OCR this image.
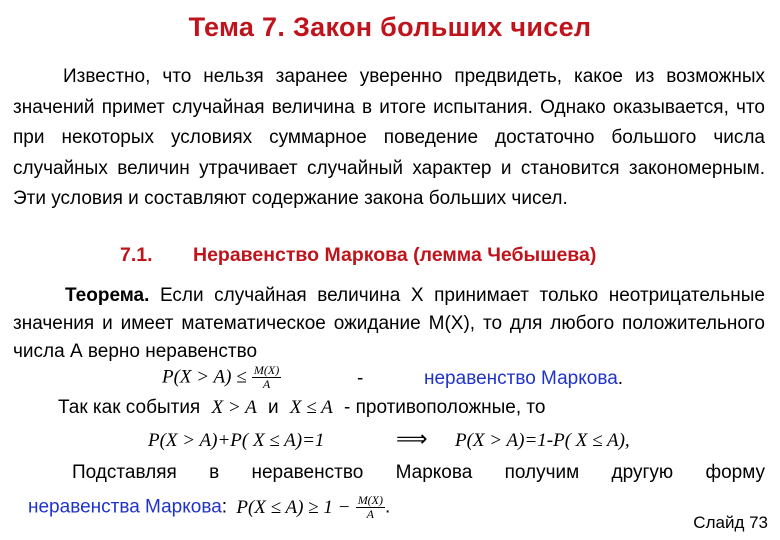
Тема 7. Закон больших чисел
Известно, что нельзя заранее уверенно предвидеть, какое из возможных значений примет случайная величина в итоге испытания. Однако оказывается, что при некоторых условиях суммарное поведение достаточно большого числа случайных величин утрачивает случайный характер и становится закономерным. Эти условия и составляют содержание закона больших чисел.
7.1. Неравенство Маркова (лемма Чебышева)
Теорема. Если случайная величина Х принимает только неотрицательные значения и имеет математическое ожидание М(Х), то для любого положительного числа А верно неравенство
$P(X > A) \le \frac{M(X)}{A}$	-	неравенство Маркова.
Так как события X > A и X ≤ A - противоположные, то
P(X > A)+P( X ≤ A)=1	⟹ P(X > A)=1-P( X ≤ A),
Подставляя в неравенство Маркова получим другую форму
неравенства Маркова: $P(X \le A) \ge 1 - \frac{M(X)}{A}$ .
Слайд 73
